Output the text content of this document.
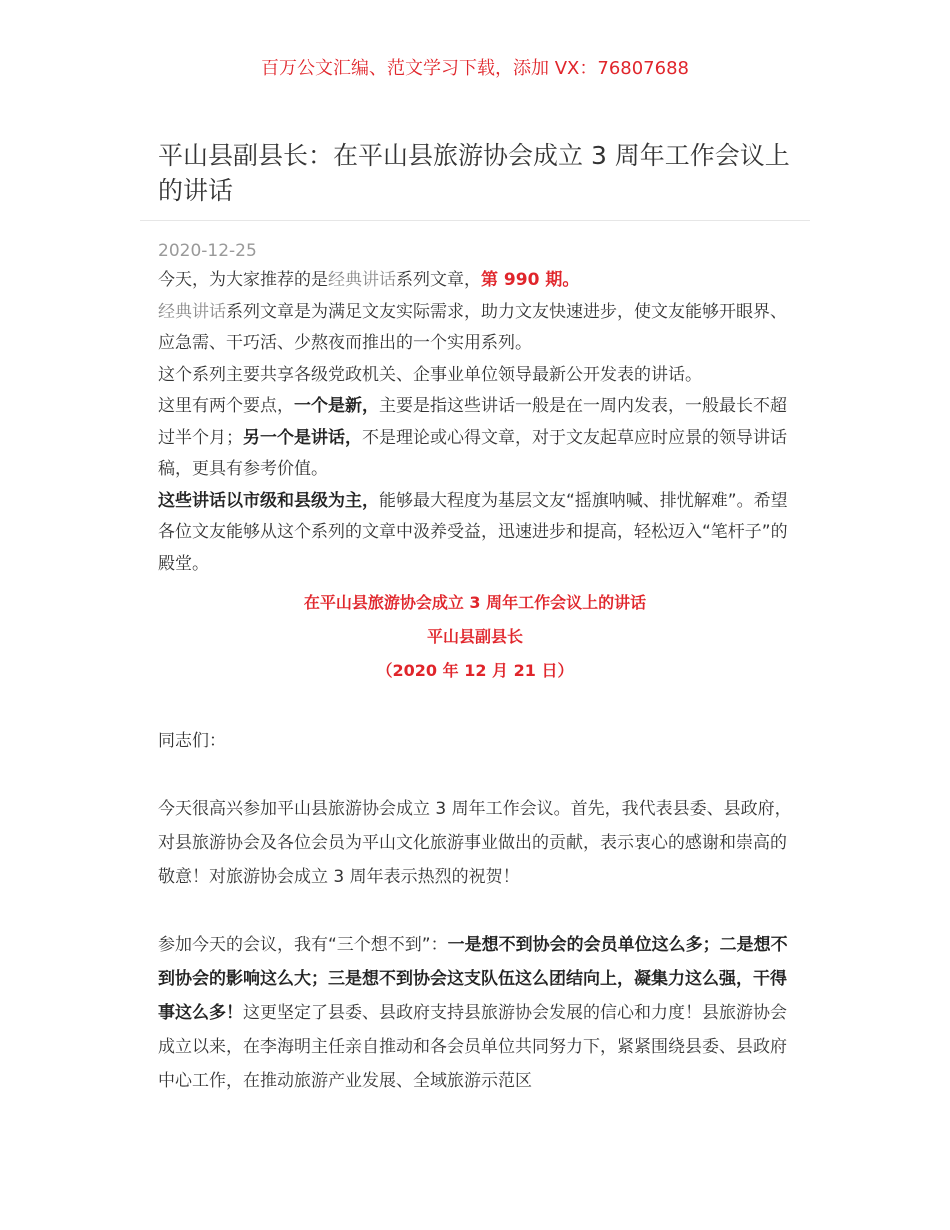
百万公文汇编、范文学习下载，添加 VX：76807688
平山县副县长：在平山县旅游协会成立 3 周年工作会议上的讲话
2020-12-25

今天，为大家推荐的是经典讲话系列文章，第 990 期。

经典讲话系列文章是为满足文友实际需求，助力文友快速进步，使文友能够开眼界、应急需、干巧活、少熬夜而推出的一个实用系列。

这个系列主要共享各级党政机关、企事业单位领导最新公开发表的讲话。

这里有两个要点，一个是新，主要是指这些讲话一般是在一周内发表，一般最长不超过半个月；另一个是讲话，不是理论或心得文章，对于文友起草应时应景的领导讲话稿，更具有参考价值。

这些讲话以市级和县级为主，能够最大程度为基层文友“摇旗呐喊、排忧解难”。希望各位文友能够从这个系列的文章中汲养受益，迅速进步和提高，轻松迈入“笔杆子”的殿堂。

在平山县旅游协会成立 3 周年工作会议上的讲话
平山县副县长
（2020 年 12 月 21 日）

同志们：

今天很高兴参加平山县旅游协会成立 3 周年工作会议。首先，我代表县委、县政府，对县旅游协会及各位会员为平山文化旅游事业做出的贡献，表示衷心的感谢和崇高的敬意！对旅游协会成立 3 周年表示热烈的祝贺！

参加今天的会议，我有“三个想不到”：一是想不到协会的会员单位这么多；二是想不到协会的影响这么大；三是想不到协会这支队伍这么团结向上，凝集力这么强，干得事这么多！这更坚定了县委、县政府支持县旅游协会发展的信心和力度！县旅游协会成立以来，在李海明主任亲自推动和各会员单位共同努力下，紧紧围绕县委、县政府中心工作，在推动旅游产业发展、全域旅游示范区
